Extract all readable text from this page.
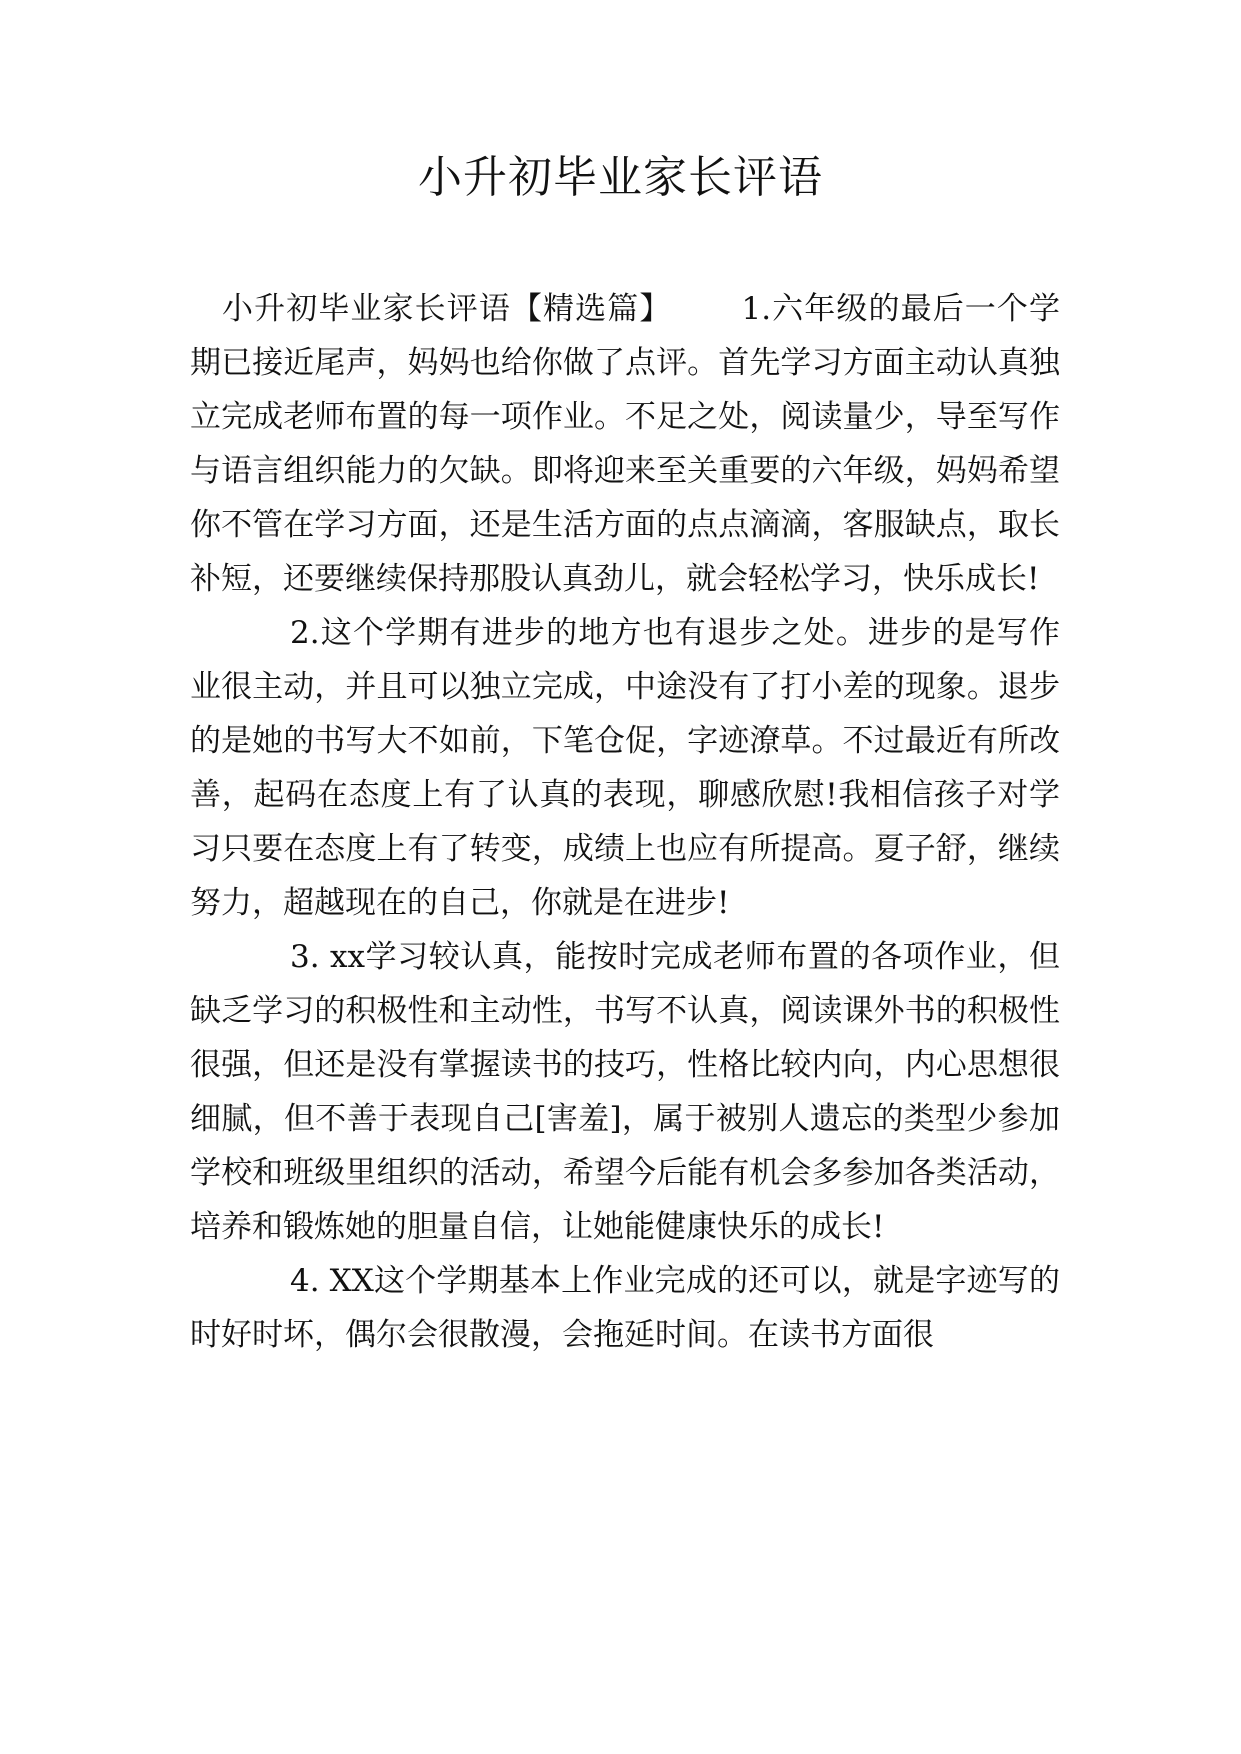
小升初毕业家长评语

小升初毕业家长评语【精选篇】 1.六年级的最后一个学期已接近尾声，妈妈也给你做了点评。首先学习方面主动认真独立完成老师布置的每一项作业。不足之处，阅读量少，导至写作与语言组织能力的欠缺。即将迎来至关重要的六年级，妈妈希望你不管在学习方面，还是生活方面的点点滴滴，客服缺点，取长补短，还要继续保持那股认真劲儿，就会轻松学习，快乐成长!

2.这个学期有进步的地方也有退步之处。进步的是写作业很主动，并且可以独立完成，中途没有了打小差的现象。退步的是她的书写大不如前，下笔仓促，字迹潦草。不过最近有所改善，起码在态度上有了认真的表现，聊感欣慰!我相信孩子对学习只要在态度上有了转变，成绩上也应有所提高。夏子舒，继续努力，超越现在的自己，你就是在进步!

3. xx学习较认真，能按时完成老师布置的各项作业，但缺乏学习的积极性和主动性，书写不认真，阅读课外书的积极性很强，但还是没有掌握读书的技巧，性格比较内向，内心思想很细腻，但不善于表现自己[害羞]，属于被别人遗忘的类型少参加学校和班级里组织的活动，希望今后能有机会多参加各类活动，培养和锻炼她的胆量自信，让她能健康快乐的成长!

4. XX这个学期基本上作业完成的还可以，就是字迹写的时好时坏，偶尔会很散漫，会拖延时间。在读书方面很
